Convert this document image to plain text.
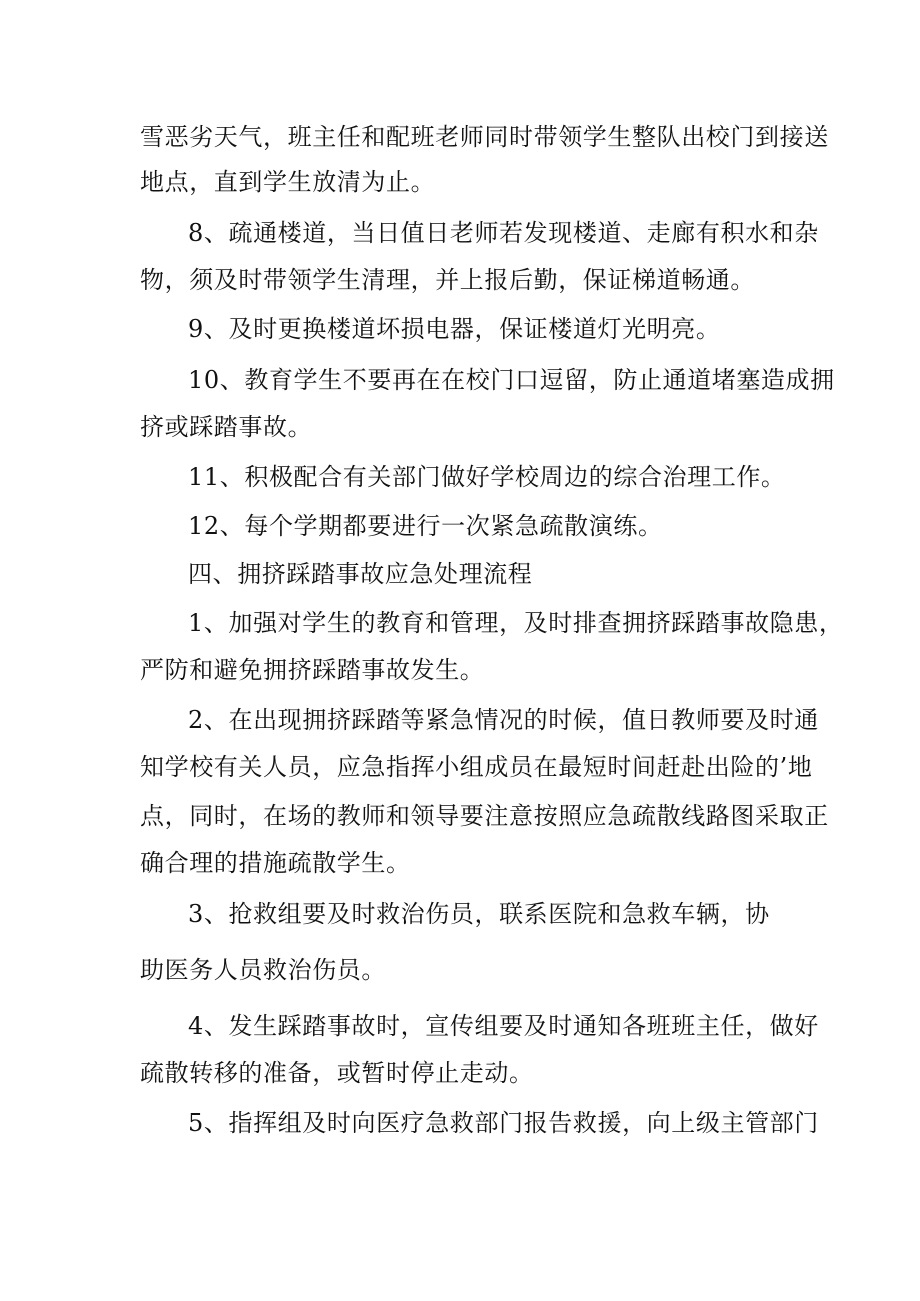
雪恶劣天气，班主任和配班老师同时带领学生整队出校门到接送

地点，直到学生放清为止。

8、疏通楼道，当日值日老师若发现楼道、走廊有积水和杂

物，须及时带领学生清理，并上报后勤，保证梯道畅通。

9、及时更换楼道坏损电器，保证楼道灯光明亮。

10、教育学生不要再在在校门口逗留，防止通道堵塞造成拥

挤或踩踏事故。

11、积极配合有关部门做好学校周边的综合治理工作。

12、每个学期都要进行一次紧急疏散演练。

四、拥挤踩踏事故应急处理流程

1、加强对学生的教育和管理，及时排查拥挤踩踏事故隐患，

严防和避免拥挤踩踏事故发生。

2、在出现拥挤踩踏等紧急情况的时候，值日教师要及时通

知学校有关人员，应急指挥小组成员在最短时间赶赴出险的’地

点，同时，在场的教师和领导要注意按照应急疏散线路图采取正

确合理的措施疏散学生。

3、抢救组要及时救治伤员，联系医院和急救车辆，协

助医务人员救治伤员。

4、发生踩踏事故时，宣传组要及时通知各班班主任，做好

疏散转移的准备，或暂时停止走动。

5、指挥组及时向医疗急救部门报告救援，向上级主管部门
